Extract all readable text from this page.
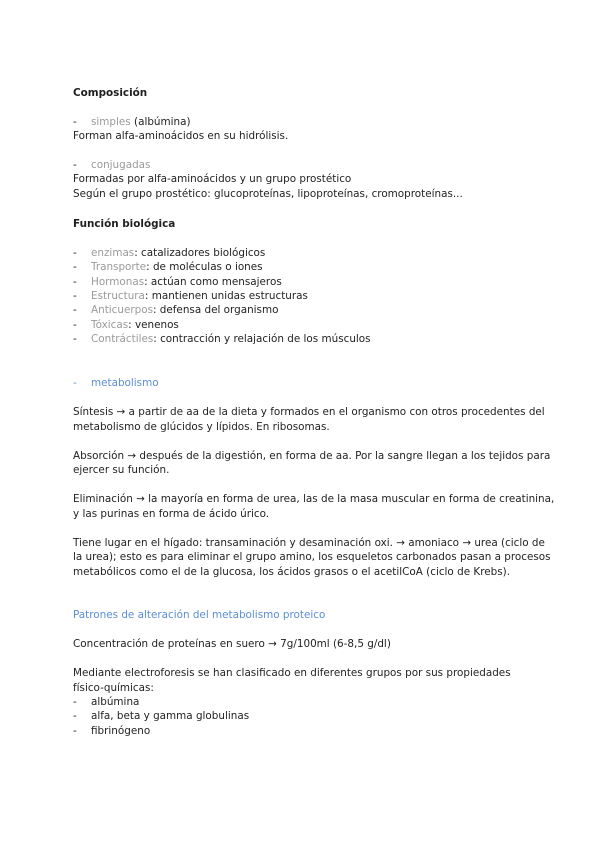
Composición
- simples (albúmina)
Forman alfa-aminoácidos en su hidrólisis.
- conjugadas
Formadas por alfa-aminoácidos y un grupo prostético
Según el grupo prostético: glucoproteínas, lipoproteínas, cromoproteínas...
Función biológica
- enzimas: catalizadores biológicos
- Transporte: de moléculas o iones
- Hormonas: actúan como mensajeros
- Estructura: mantienen unidas estructuras
- Anticuerpos: defensa del organismo
- Tóxicas: venenos
- Contráctiles: contracción y relajación de los músculos
- metabolismo
Síntesis → a partir de aa de la dieta y formados en el organismo con otros procedentes del
metabolismo de glúcidos y lípidos. En ribosomas.
Absorción → después de la digestión, en forma de aa. Por la sangre llegan a los tejidos para
ejercer su función.
Eliminación → la mayoría en forma de urea, las de la masa muscular en forma de creatinina,
y las purinas en forma de ácido úrico.
Tiene lugar en el hígado: transaminación y desaminación oxi. → amoniaco → urea (ciclo de
la urea); esto es para eliminar el grupo amino, los esqueletos carbonados pasan a procesos
metabólicos como el de la glucosa, los ácidos grasos o el acetilCoA (ciclo de Krebs).
Patrones de alteración del metabolismo proteico
Concentración de proteínas en suero → 7g/100ml (6-8,5 g/dl)
Mediante electroforesis se han clasificado en diferentes grupos por sus propiedades
físico-químicas:
- albúmina
- alfa, beta y gamma globulinas
- fibrinógeno
